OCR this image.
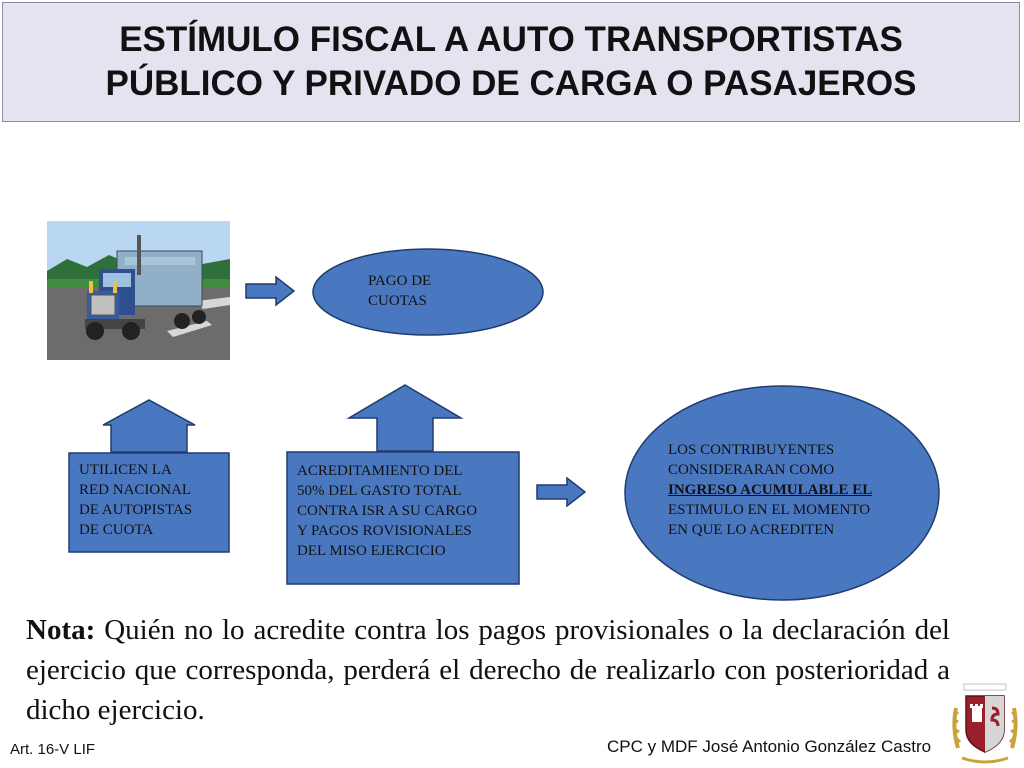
ESTÍMULO FISCAL A AUTO TRANSPORTISTAS
PÚBLICO Y PRIVADO DE CARGA O PASAJEROS
PAGO DE
CUOTAS
UTILICEN LA
RED NACIONAL
DE AUTOPISTAS
DE CUOTA
ACREDITAMIENTO DEL
50% DEL GASTO TOTAL
CONTRA ISR A SU CARGO
Y PAGOS ROVISIONALES
DEL MISO EJERCICIO
LOS CONTRIBUYENTES
CONSIDERARAN COMO
INGRESO ACUMULABLE EL
ESTIMULO EN EL MOMENTO
EN QUE LO ACREDITEN
Nota: Quién no lo acredite contra los pagos provisionales o la declaración del ejercicio que corresponda, perderá el derecho de realizarlo con posterioridad a dicho ejercicio.
Art. 16-V LIF	CPC y MDF José Antonio González Castro
